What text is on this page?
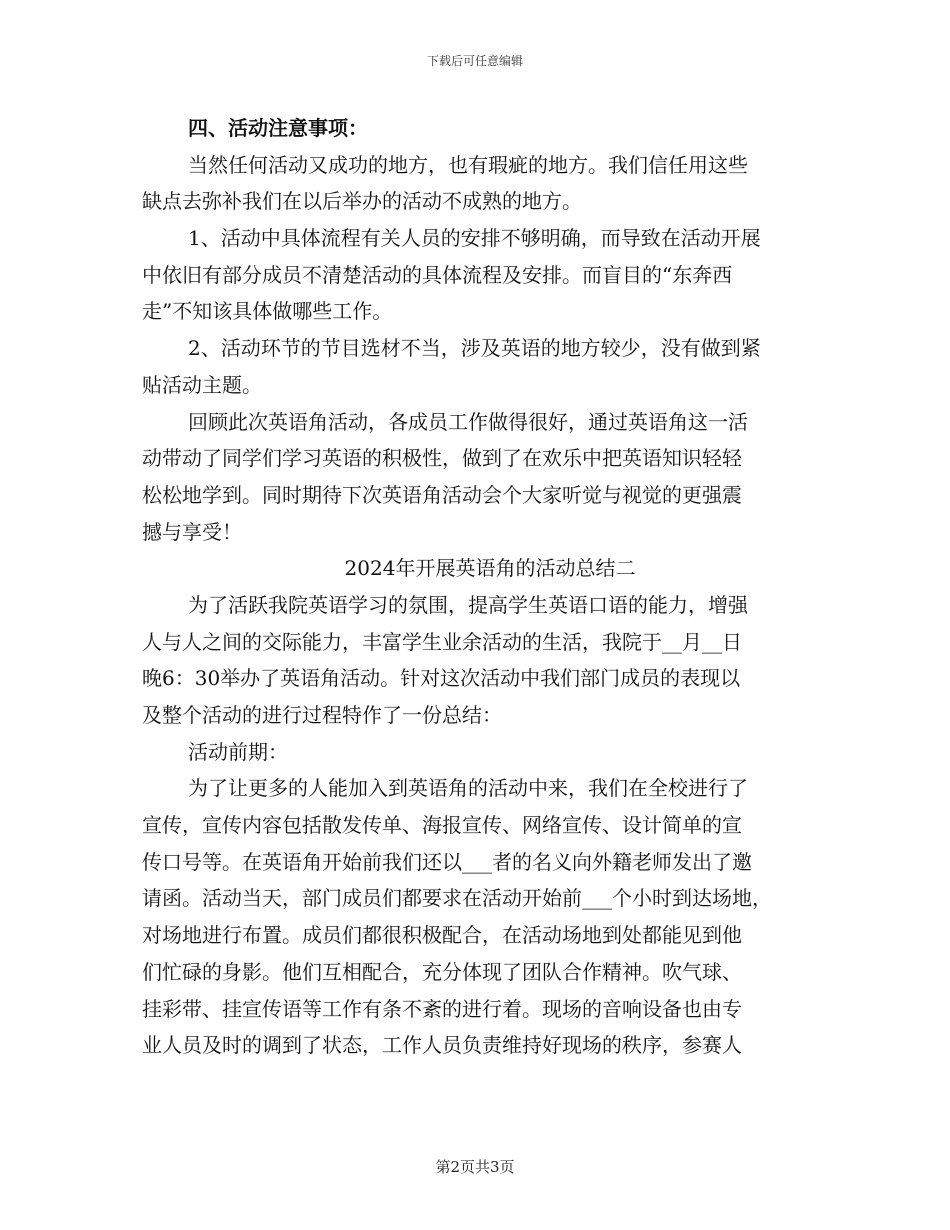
下载后可任意编辑
四、活动注意事项：
当然任何活动又成功的地方，也有瑕疵的地方。我们信任用这些
缺点去弥补我们在以后举办的活动不成熟的地方。
1、活动中具体流程有关人员的安排不够明确，而导致在活动开展
中依旧有部分成员不清楚活动的具体流程及安排。而盲目的“东奔西
走”不知该具体做哪些工作。
2、活动环节的节目选材不当，涉及英语的地方较少，没有做到紧
贴活动主题。
回顾此次英语角活动，各成员工作做得很好，通过英语角这一活
动带动了同学们学习英语的积极性，做到了在欢乐中把英语知识轻轻
松松地学到。同时期待下次英语角活动会个大家听觉与视觉的更强震
撼与享受！
2024年开展英语角的活动总结二
为了活跃我院英语学习的氛围，提高学生英语口语的能力，增强
人与人之间的交际能力，丰富学生业余活动的生活，我院于__月__日
晚6：30举办了英语角活动。针对这次活动中我们部门成员的表现以
及整个活动的进行过程特作了一份总结：
活动前期：
为了让更多的人能加入到英语角的活动中来，我们在全校进行了
宣传，宣传内容包括散发传单、海报宣传、网络宣传、设计简单的宣
传口号等。在英语角开始前我们还以___者的名义向外籍老师发出了邀
请函。活动当天，部门成员们都要求在活动开始前___个小时到达场地，
对场地进行布置。成员们都很积极配合，在活动场地到处都能见到他
们忙碌的身影。他们互相配合，充分体现了团队合作精神。吹气球、
挂彩带、挂宣传语等工作有条不紊的进行着。现场的音响设备也由专
业人员及时的调到了状态，工作人员负责维持好现场的秩序，参赛人
第2页共3页
